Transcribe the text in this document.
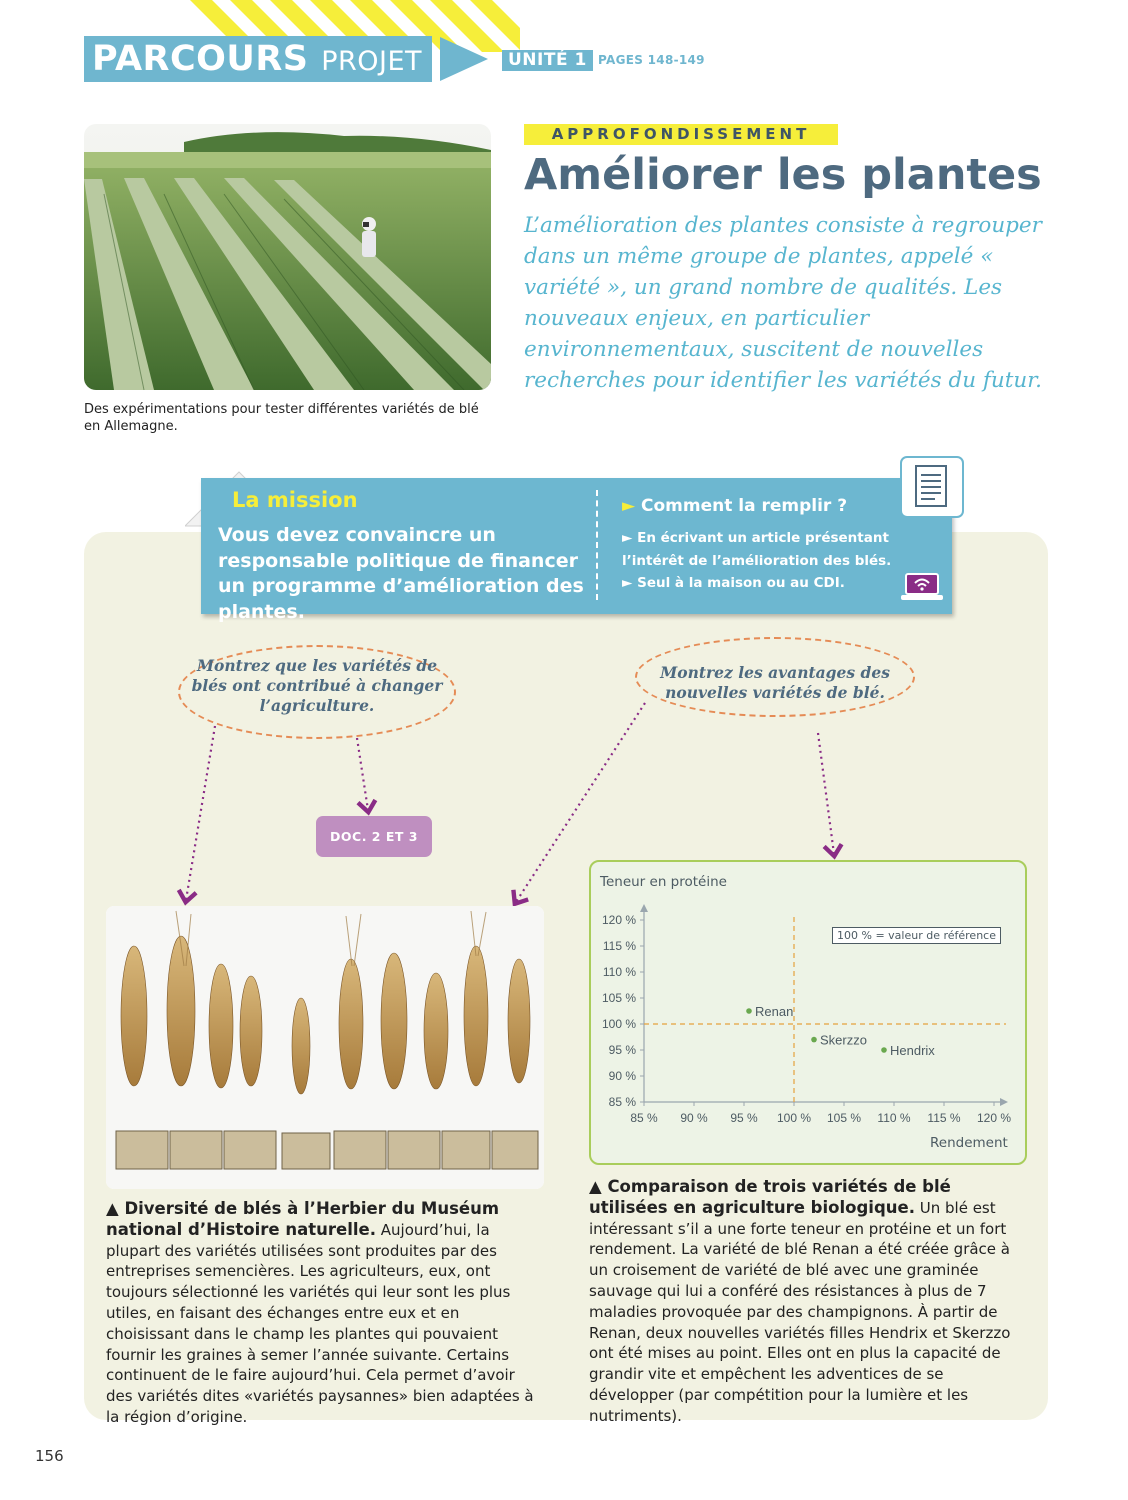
PARCOURS PROJET	UNITÉ 1 PAGES 148-149
Des expérimentations pour tester différentes variétés de blé en Allemagne.
APPROFONDISSEMENT
Améliorer les plantes
L’amélioration des plantes consiste à regrouper dans un même groupe de plantes, appelé « variété », un grand nombre de qualités. Les nouveaux enjeux, en particulier environnementaux, suscitent de nouvelles recherches pour identifier les variétés du futur.
La mission
Vous devez convaincre un responsable politique de financer un programme d’amélioration des plantes.
► Comment la remplir ?
► En écrivant un article présentant l’intérêt de l’amélioration des blés.
► Seul à la maison ou au CDI.
Montrez que les variétés de blés ont contribué à changer l’agriculture.
Montrez les avantages des nouvelles variétés de blé.
DOC. 2 ET 3
Teneur en protéine
Rendement
100 % = valeur de référence
85 % 90 % 95 % 100 % 105 % 110 % 115 % 120 %
85 %
90 %
95 %
100 %
105 %
110 %
115 %
120 %
Renan
Skerzzo
Hendrix
▲ Diversité de blés à l’Herbier du Muséum national d’Histoire naturelle. Aujourd’hui, la plupart des variétés utilisées sont produites par des entreprises semencières. Les agriculteurs, eux, ont toujours sélectionné les variétés qui leur sont les plus utiles, en faisant des échanges entre eux et en choisissant dans le champ les plantes qui pouvaient fournir les graines à semer l’année suivante. Certains continuent de le faire aujourd’hui. Cela permet d’avoir des variétés dites «variétés paysannes» bien adaptées à la région d’origine.
▲ Comparaison de trois variétés de blé utilisées en agriculture biologique. Un blé est intéressant s’il a une forte teneur en protéine et un fort rendement. La variété de blé Renan a été créée grâce à un croisement de variété de blé avec une graminée sauvage qui lui a conféré des résistances à plus de 7 maladies provoquée par des champignons. À partir de Renan, deux nouvelles variétés filles Hendrix et Skerzzo ont été mises au point. Elles ont en plus la capacité de grandir vite et empêchent les adventices de se développer (par compétition pour la lumière et les nutriments).
156
